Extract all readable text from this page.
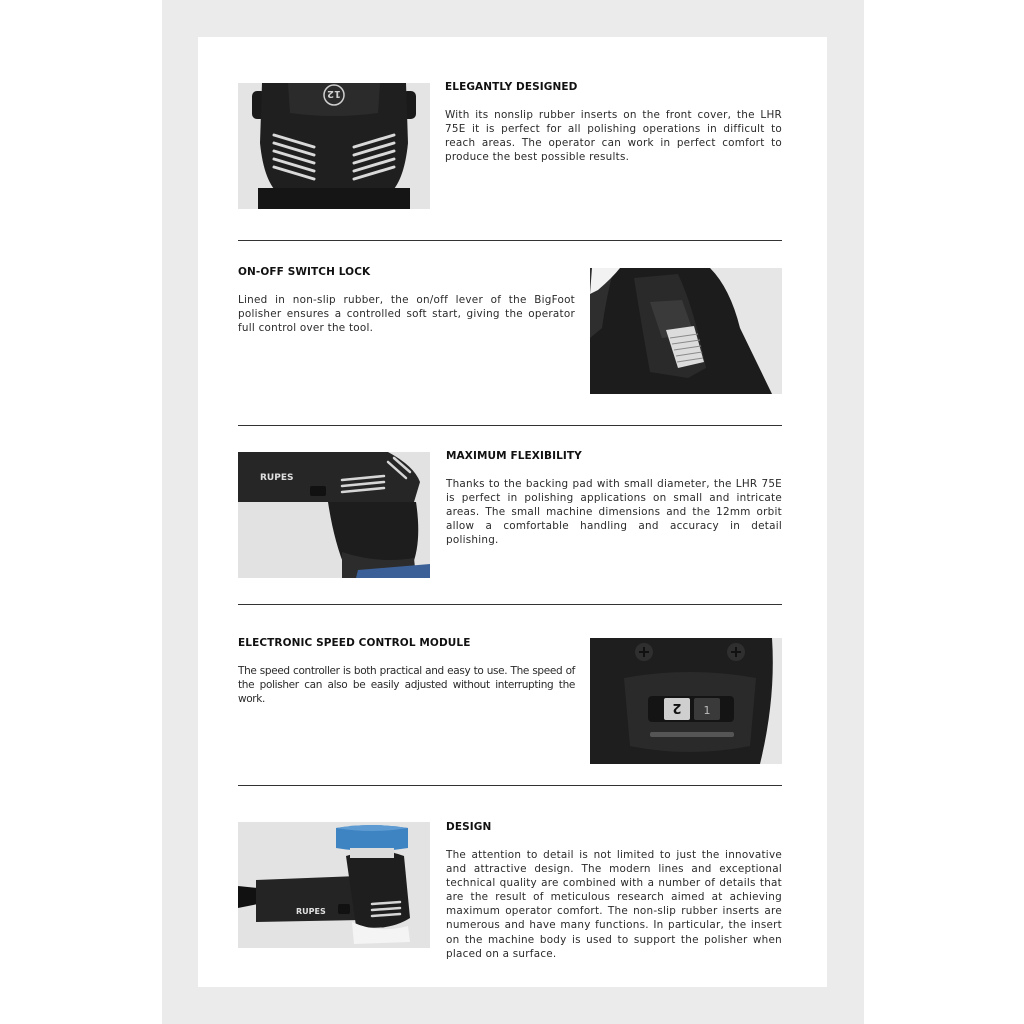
12
ELEGANTLY DESIGNED

With its nonslip rubber inserts on the front cover, the LHR 75E it is perfect for all polishing operations in difficult to reach areas. The operator can work in perfect comfort to produce the best possible results.

ON-OFF SWITCH LOCK

Lined in non-slip rubber, the on/off lever of the BigFoot polisher ensures a controlled soft start, giving the operator full control over the tool.

RUPES
MAXIMUM FLEXIBILITY

Thanks to the backing pad with small diameter, the LHR 75E is perfect in polishing applications on small and intricate areas. The small machine dimensions and the 12mm orbit allow a comfortable handling and accuracy in detail polishing.

ELECTRONIC SPEED CONTROL MODULE

The speed controller is both practical and easy to use. The speed of the polisher can also be easily adjusted without interrupting the work.

2 1
RUPES
DESIGN

The attention to detail is not limited to just the innovative and attractive design. The modern lines and exceptional technical quality are combined with a number of details that are the result of meticulous research aimed at achieving maximum operator comfort. The non-slip rubber inserts are numerous and have many functions. In particular, the insert on the machine body is used to support the polisher when placed on a surface.
